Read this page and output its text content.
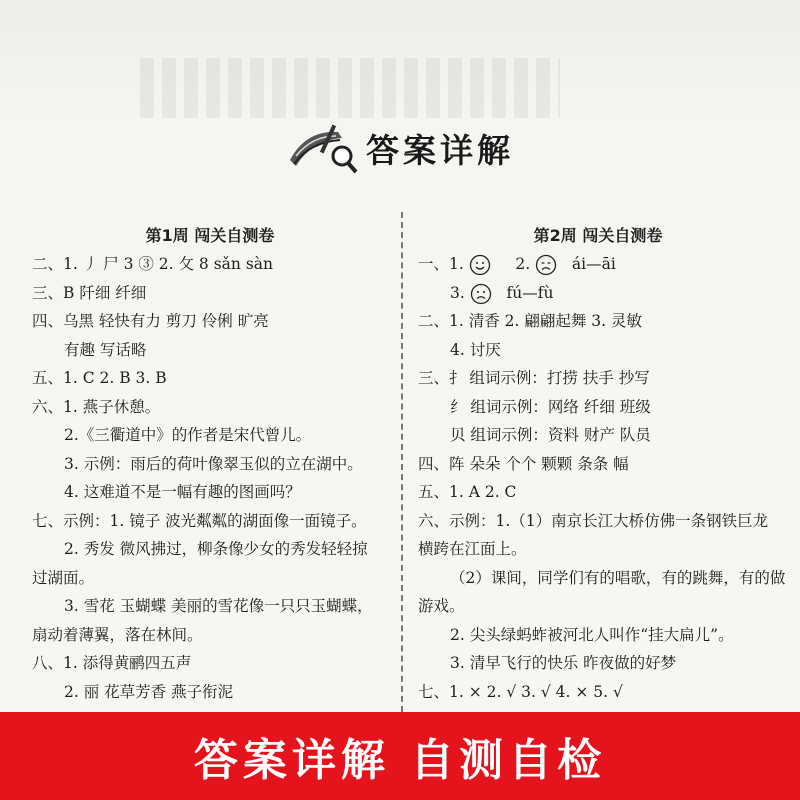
答案详解
第1周 闯关自测卷
二、1. 丿 尸 3 ③ 2. 攵 8 sǎn sàn
三、B 阡细 纤细
四、乌黑 轻快有力 剪刀 伶俐 旷亮
有趣 写话略
五、1. C 2. B 3. B
六、1. 燕子休憩。
2.《三衢道中》的作者是宋代曾儿。
3. 示例：雨后的荷叶像翠玉似的立在湖中。
4. 这难道不是一幅有趣的图画吗？
七、示例：1. 镜子 波光粼粼的湖面像一面镜子。
2. 秀发 微风拂过，柳条像少女的秀发轻轻掠
过湖面。
3. 雪花 玉蝴蝶 美丽的雪花像一只只玉蝴蝶，
扇动着薄翼，落在林间。
八、1. 添得黄鹂四五声
2. 丽 花草芳香 燕子衔泥
第2周 闯关自测卷
一、1.	2.	ái—āi
3.	fú—fù
二、1. 清香 2. 翩翩起舞 3. 灵敏
4. 讨厌
三、扌 组词示例：打捞 扶手 抄写
纟 组词示例：网络 纤细 班级
贝 组词示例：资料 财产 队员
四、阵 朵朵 个个 颗颗 条条 幅
五、1. A 2. C
六、示例：1.（1）南京长江大桥仿佛一条钢铁巨龙
横跨在江面上。
（2）课间，同学们有的唱歌，有的跳舞，有的做
游戏。
2. 尖头绿蚂蚱被河北人叫作“挂大扁儿”。
3. 清早飞行的快乐 昨夜做的好梦
七、1. × 2. √ 3. √ 4. × 5. √
答案详解 自测自检
